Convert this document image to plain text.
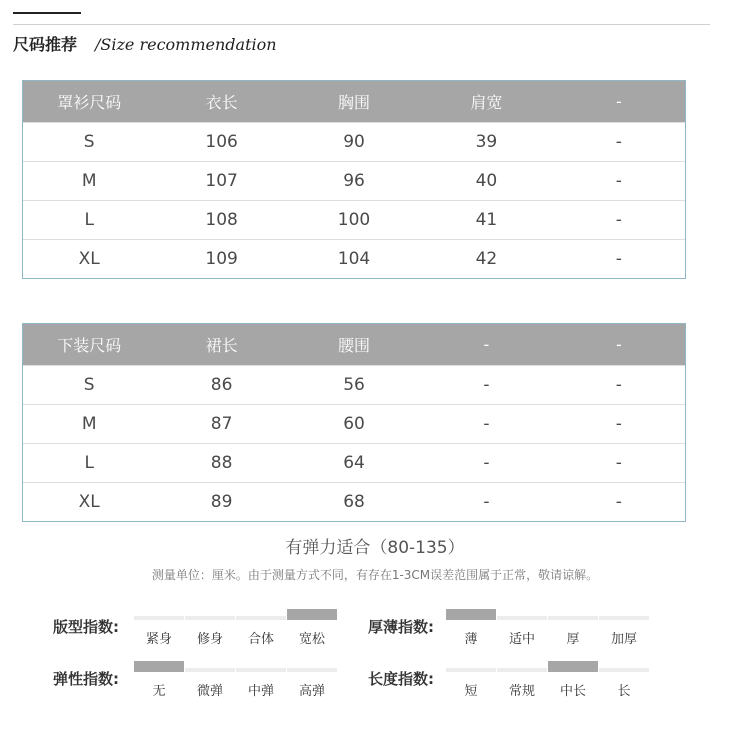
尺码推荐 /Size recommendation
罩衫尺码	衣长	胸围	肩宽	-
S	106	90	39	-
M	107	96	40	-
L	108	100	41	-
XL	109	104	42	-
下装尺码	裙长	腰围	-	-
S	86	56	-	-
M	87	60	-	-
L	88	64	-	-
XL	89	68	-	-
有弹力适合（80-135）
测量单位：厘米。由于测量方式不同，有存在1-3CM误差范围属于正常，敬请谅解。
版型指数:
紧身	修身	合体	宽松
厚薄指数:
薄	适中	厚	加厚
弹性指数:
无	微弹	中弹	高弹
长度指数:
短	常规	中长	长
